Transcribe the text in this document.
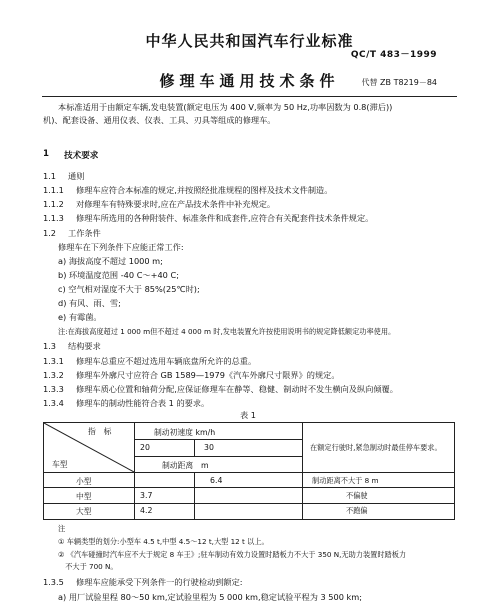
中华人民共和国汽车行业标准
QC/T 483－1999
修理车通用技术条件	代替 ZB T8219－84
本标准适用于由额定车辆,发电装置(额定电压为 400 V,频率为 50 Hz,功率因数为 0.8(滞后))
机)、配套设备、通用仪表、仪表、工具、刃具等组成的修理车。
1 技术要求
1.1 通则
1.1.1 修理车应符合本标准的规定,并按照经批准规程的图样及技术文件制造。
1.1.2 对修理车有特殊要求时,应在产品技术条件中补充规定。
1.1.3 修理车所选用的各种附装件、标准条件和成套件,应符合有关配套件技术条件规定。
1.2 工作条件
修理车在下列条件下应能正常工作:
a) 海拔高度不超过 1000 m;
b) 环境温度范围 -40 C～+40 C;
c) 空气相对湿度不大于 85%(25℃时);
d) 有风、雨、雪;
e) 有霉菌。
注:在海拔高度超过 1 000 m但不超过 4 000 m 时,发电装置允许按使用说明书的规定降低额定功率使用。
1.3 结构要求
1.3.1 修理车总重应不超过选用车辆底盘所允许的总重。
1.3.2 修理车外廓尺寸应符合 GB 1589—1979《汽车外廓尺寸限界》的规定。
1.3.3 修理车质心位置和轴荷分配,应保证修理车在静等、稳健、制动时不发生横向及纵向倾覆。
1.3.4 修理车的制动性能符合表 1 的要求。
表 1
指　标
车型
制动初速度 km/h
20	30
制动距离　m
在额定行驶时,紧急制动时最佳停车要求。
小型	6.4	制动距离不大于 8 m
中型	3.7	不偏驶
大型	4.2	不跑偏
注
① 车辆类型的划分:小型车 4.5 t,中型 4.5～12 t,大型 12 t 以上。
② 《汽车碰撞时汽车应不大于规定 8 车王》;驻车制动有效力设置时踏板力不大于 350 N,无助力装置时踏板力
　不大于 700 N。
1.3.5 修理车应能承受下列条件一的行驶检动到额定:
a) 用厂试验里程 80～50 km,定试验里程为 5 000 km,稳定试验平程为 3 500 km;
